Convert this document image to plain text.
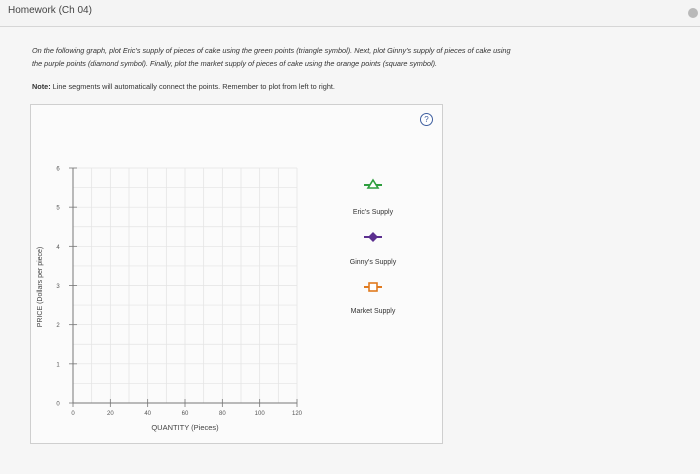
Homework (Ch 04)
On the following graph, plot Eric's supply of pieces of cake using the green points (triangle symbol). Next, plot Ginny's supply of pieces of cake using
the purple points (diamond symbol). Finally, plot the market supply of pieces of cake using the orange points (square symbol).
Note: Line segments will automatically connect the points. Remember to plot from left to right.
?
0
1
2
3
4
5
6
0	20	40	60	80	100	120
PRICE (Dollars per piece)
QUANTITY (Pieces)
Eric's Supply
Ginny's Supply
Market Supply
